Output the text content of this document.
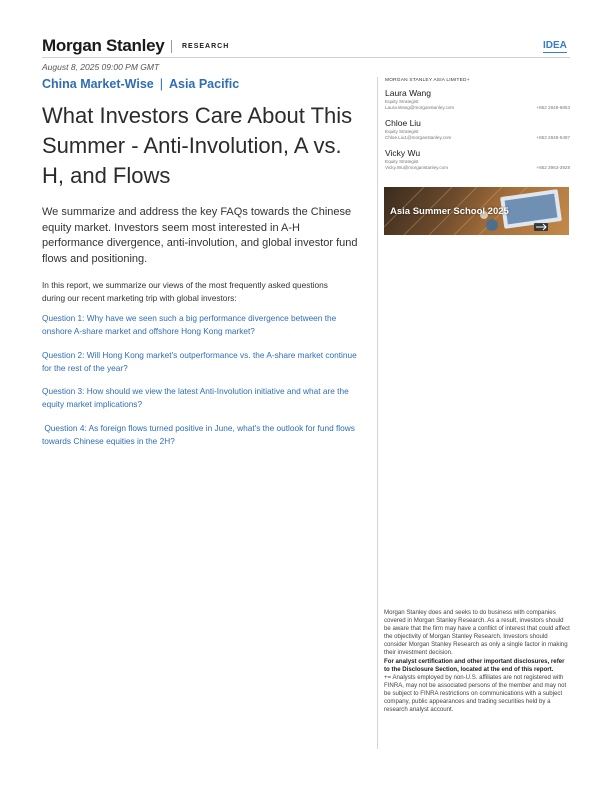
Morgan Stanley	RESEARCH	IDEA
August 8, 2025 09:00 PM GMT
China Market-Wise | Asia Pacific
What Investors Care About This Summer - Anti-Involution, A vs. H, and Flows
We summarize and address the key FAQs towards the Chinese equity market. Investors seem most interested in A-H performance divergence, anti-involution, and global investor fund flows and positioning.
In this report, we summarize our views of the most frequently asked questions during our recent marketing trip with global investors:

Question 1: Why have we seen such a big performance divergence between the onshore A-share market and offshore Hong Kong market?

Question 2: Will Hong Kong market's outperformance vs. the A-share market continue for the rest of the year?

Question 3: How should we view the latest Anti-Involution initiative and what are the equity market implications?

Question 4: As foreign flows turned positive in June, what's the outlook for fund flows towards Chinese equities in the 2H?

MORGAN STANLEY ASIA LIMITED+
Laura Wang
Equity Strategist
Laura.Wang@morganstanley.com	+852 2848-6853
Chloe Liu
Equity Strategist
Chloe.Liu1@morganstanley.com	+852 2848-5497
Vicky Wu
Equity Strategist
Vicky.Wu@morganstanley.com	+852 3963-3928
Asia Summer School 2025

Morgan Stanley does and seeks to do business with companies covered in Morgan Stanley Research. As a result, investors should be aware that the firm may have a conflict of interest that could affect the objectivity of Morgan Stanley Research. Investors should consider Morgan Stanley Research as only a single factor in making their investment decision.

For analyst certification and other important disclosures, refer to the Disclosure Section, located at the end of this report.

+= Analysts employed by non-U.S. affiliates are not registered with FINRA, may not be associated persons of the member and may not be subject to FINRA restrictions on communications with a subject company, public appearances and trading securities held by a research analyst account.
